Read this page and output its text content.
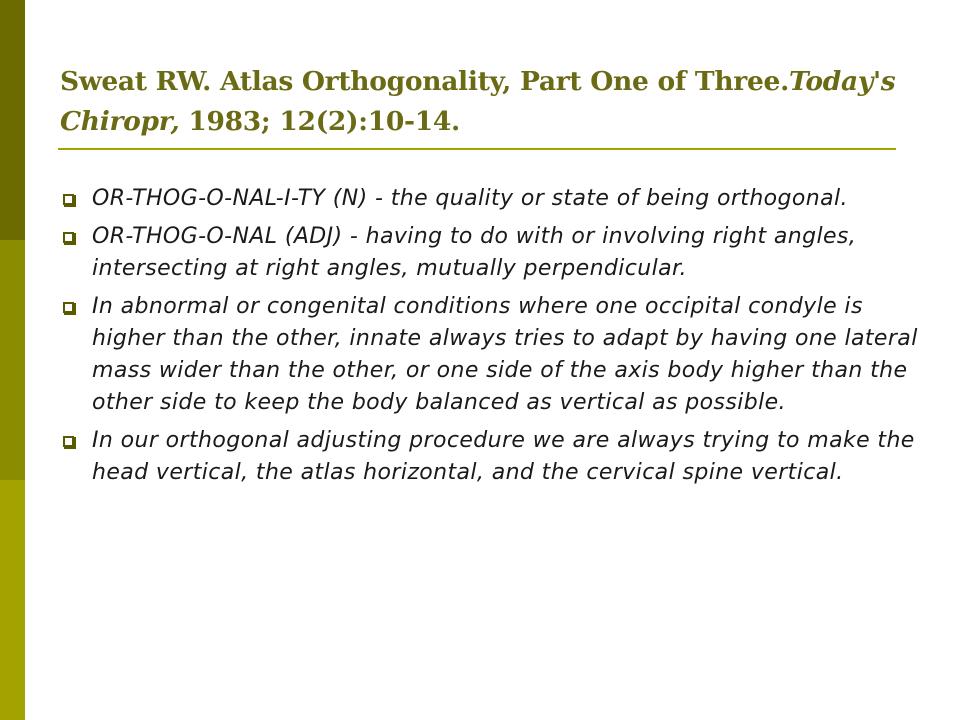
Sweat RW. Atlas Orthogonality, Part One of Three.Today's Chiropr, 1983; 12(2):10-14.
OR-THOG-O-NAL-I-TY (N) - the quality or state of being orthogonal.
OR-THOG-O-NAL (ADJ) - having to do with or involving right angles, intersecting at right angles, mutually perpendicular.
In abnormal or congenital conditions where one occipital condyle is higher than the other, innate always tries to adapt by having one lateral mass wider than the other, or one side of the axis body higher than the other side to keep the body balanced as vertical as possible.
In our orthogonal adjusting procedure we are always trying to make the head vertical, the atlas horizontal, and the cervical spine vertical.
